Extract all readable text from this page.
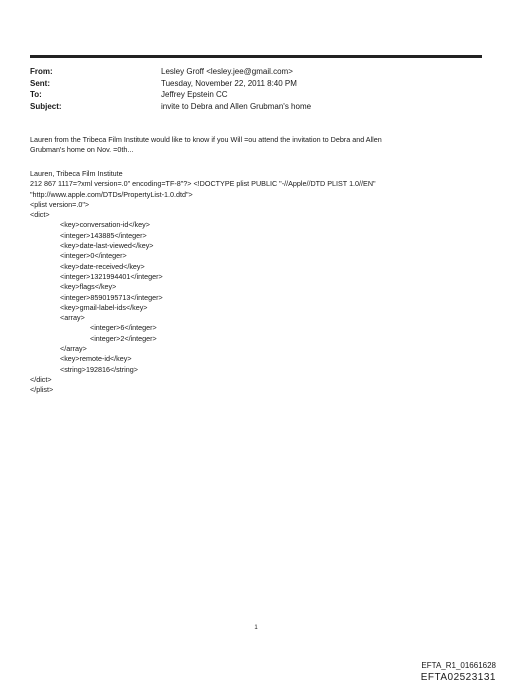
From:	Lesley Groff <lesley.jee@gmail.com>
Sent:	Tuesday, November 22, 2011 8:40 PM
To:	Jeffrey Epstein CC
Subject:	invite to Debra and Allen Grubman's home
Lauren from the Tribeca Film Institute would like to know if you Will =ou attend the invitation to Debra and Allen
Grubman's home on Nov. =0th...
Lauren, Tribeca Film Institute
212 867 1117=?xml version=.0" encoding=TF-8"?> <!DOCTYPE plist PUBLIC "-//Apple//DTD PLIST 1.0//EN"
"http://www.apple.com/DTDs/PropertyList-1.0.dtd">
<plist version=.0">
<dict>
<key>conversation-id</key>
<integer>143885</integer>
<key>date-last-viewed</key>
<integer>0</integer>
<key>date-received</key>
<integer>1321994401</integer>
<key>flags</key>
<integer>8590195713</integer>
<key>gmail-label-ids</key>
<array>
<integer>6</integer>
<integer>2</integer>
</array>
<key>remote-id</key>
<string>192816</string>
</dict>
</plist>
1
EFTA_R1_01661628
EFTA02523131
